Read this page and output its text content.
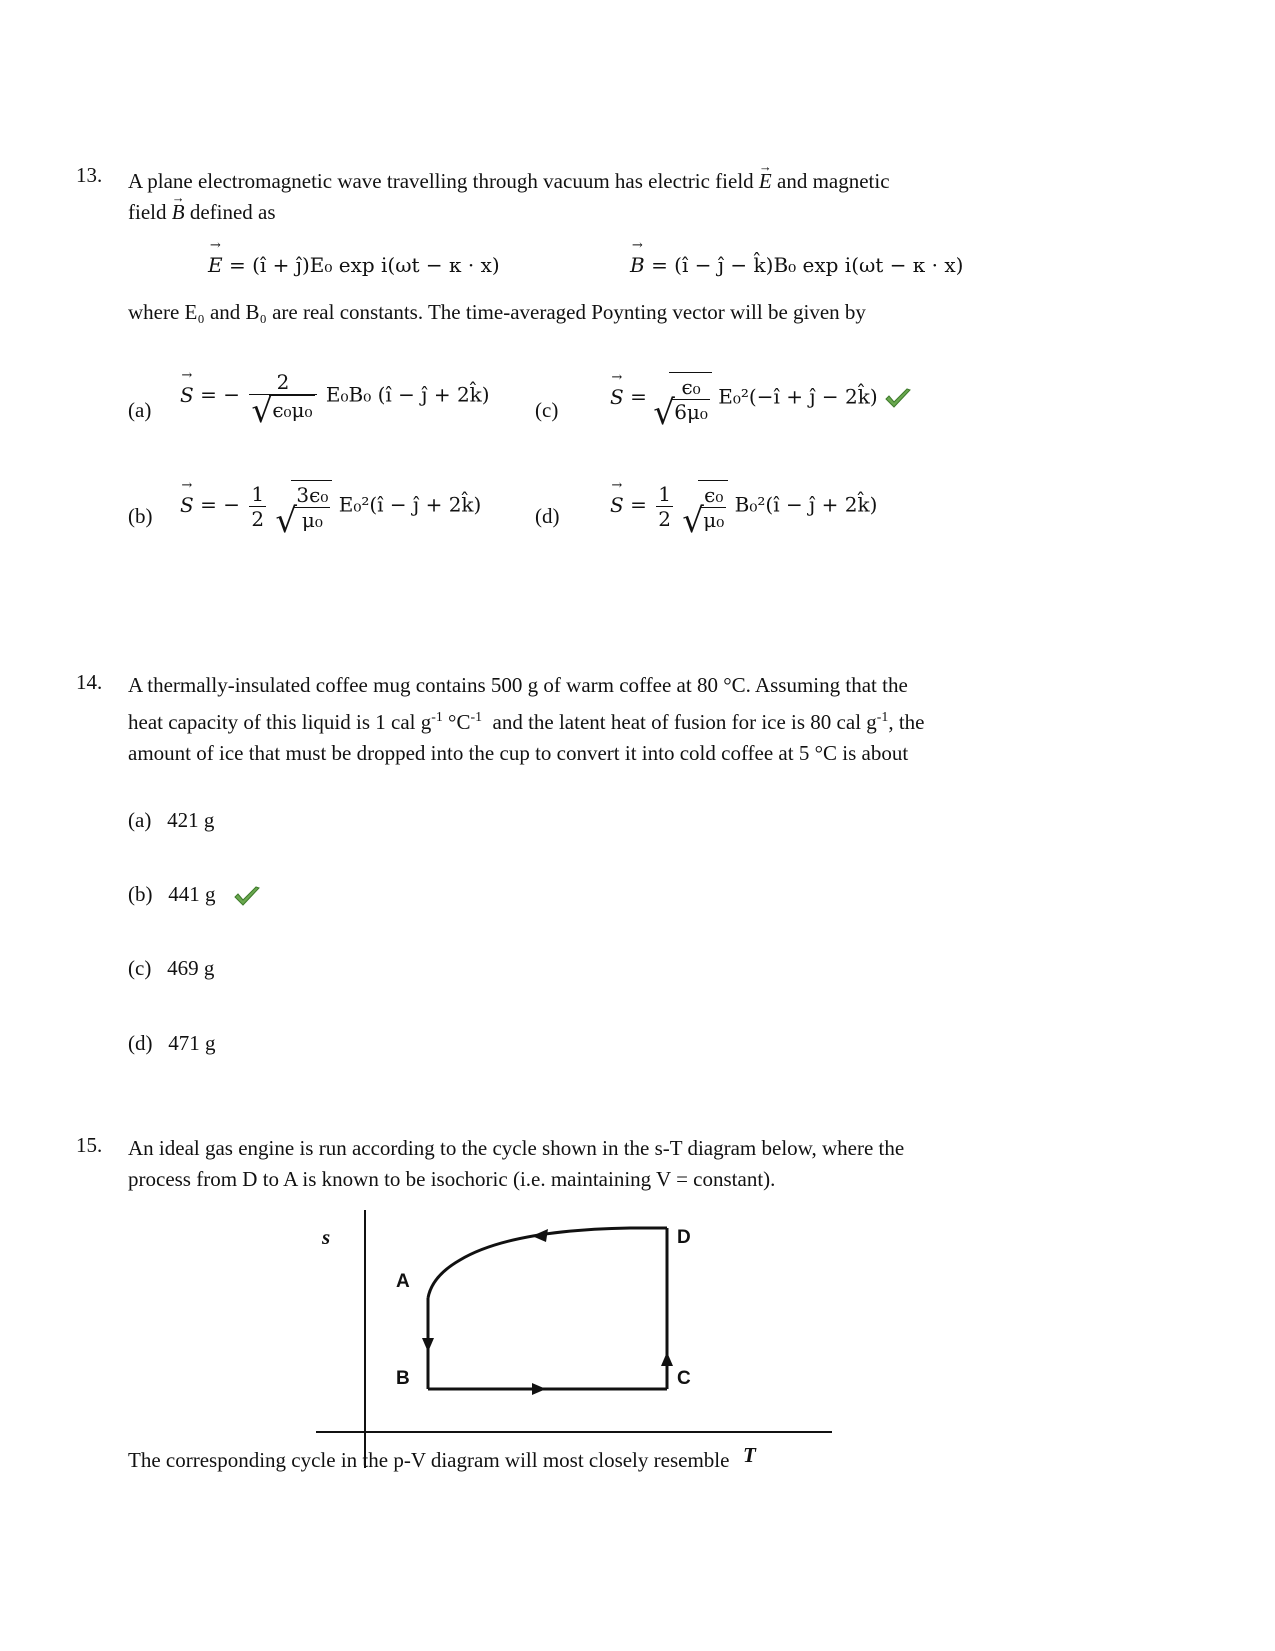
13. A plane electromagnetic wave travelling through vacuum has electric field E → and magnetic
field B → defined as
E → = (ı̂ + ȷ̂)E₀ exp i(ωt − κ · x)	B → = (ı̂ − ȷ̂ − k̂)B₀ exp i(ωt − κ · x)
where E₀ and B₀ are real constants. The time-averaged Poynting vector will be given by
(a)
S → = − 2
√ ϵ₀μ₀ E₀B₀ (ı̂ − ȷ̂ + 2k̂)
(c)
S → = √ $\frac{\text{ϵ₀}}{\text{6μ₀}}$ E₀²(−ı̂ + ȷ̂ − 2k̂)
(b) S → = − $\frac{1}{2}$
√ $\frac{\text{3ϵ₀}}{\text{μ₀}}$ E₀²(ı̂ − ȷ̂ + 2k̂)	(d)	S → = $\frac{1}{2}$
√ $\frac{\text{ϵ₀}}{\text{μ₀}}$ B₀²(ı̂ − ȷ̂ + 2k̂)
14. A thermally-insulated coffee mug contains 500 g of warm coffee at 80 °C. Assuming that the
heat capacity of this liquid is 1 cal $g^{-1}$ $^\circ C^{-1}$  and the latent heat of fusion for ice is 80 cal $g^{-1}$, the
amount of ice that must be dropped into the cup to convert it into cold coffee at 5 °C is about
(a) 421 g
(b) 441 g
(c) 469 g
(d) 471 g
15. An ideal gas engine is run according to the cycle shown in the s-T diagram below, where the
process from D to A is known to be isochoric (i.e. maintaining V = constant).
s
T
A
B	C
D
The corresponding cycle in the p-V diagram will most closely resemble
